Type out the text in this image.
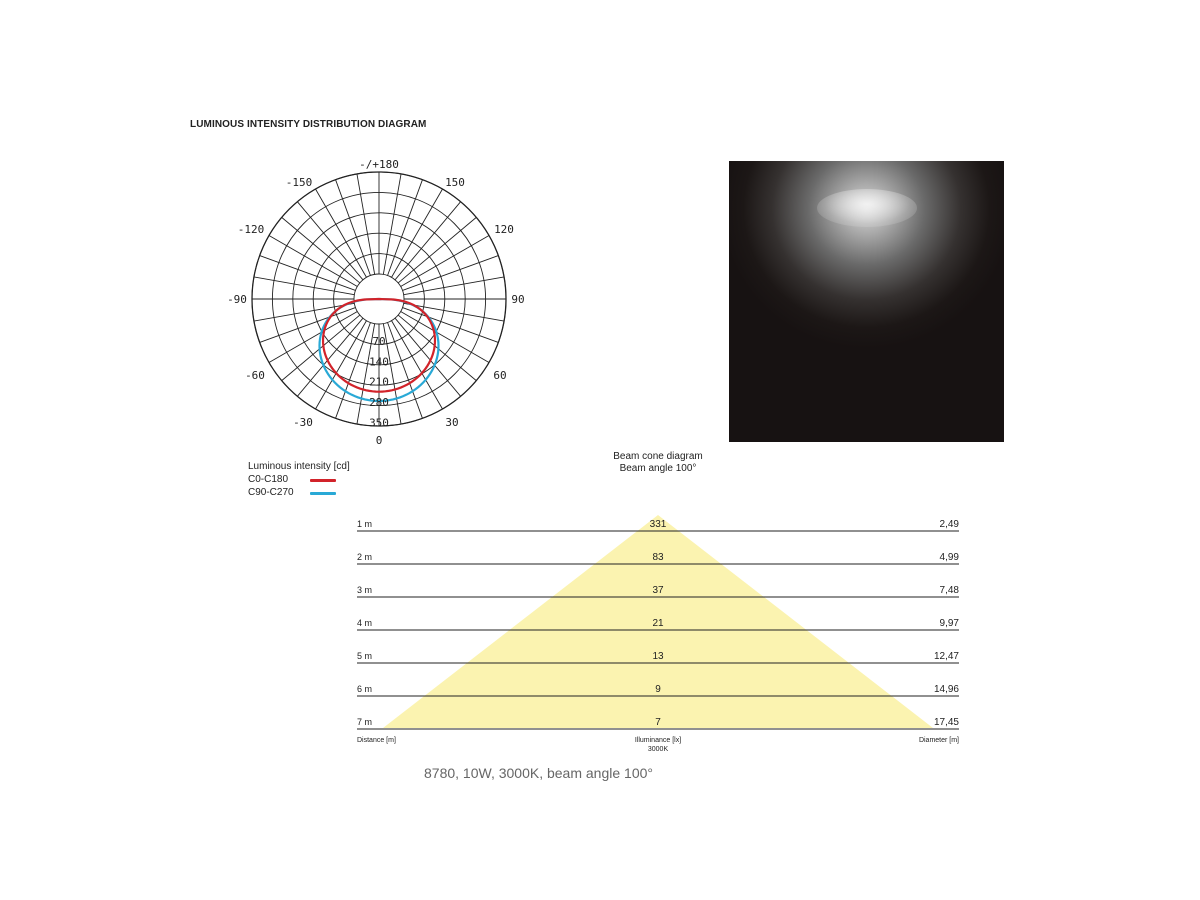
LUMINOUS INTENSITY DISTRIBUTION DIAGRAM
70
140
210
280
350
-/+180
-150	150
-120	120
-90	90
-60	60
-30	30
0
Luminous intensity [cd]
C0-C180
C90-C270
Beam cone diagram
Beam angle 100°
1 m	331	2,49
2 m	83	4,99
3 m	37	7,48
4 m	21	9,97
5 m	13	12,47
6 m	9	14,96
7 m	7	17,45
Distance [m]	Illuminance [lx]
3000K
Diameter [m]
8780, 10W, 3000K, beam angle 100°
